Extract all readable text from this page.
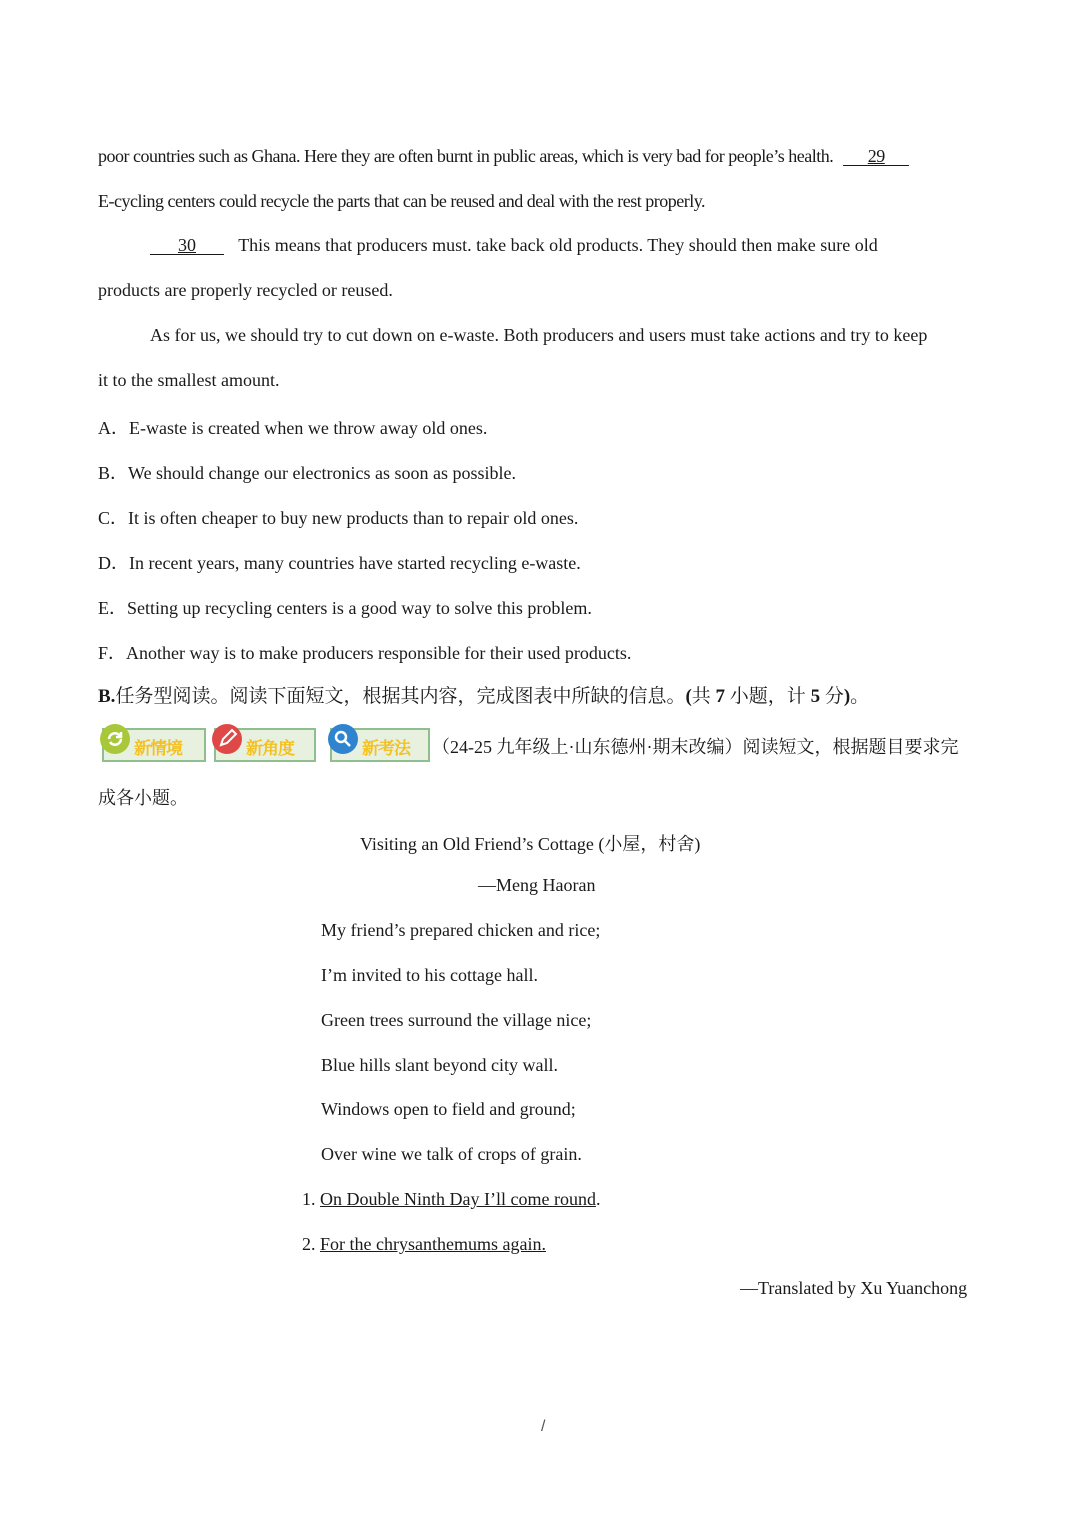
poor countries such as Ghana. Here they are often burnt in public areas, which is very bad for people’s health. 29
E-cycling centers could recycle the parts that can be reused and deal with the rest properly.
30 This means that producers must. take back old products. They should then make sure old
products are properly recycled or reused.
As for us, we should try to cut down on e-waste. Both producers and users must take actions and try to keep
it to the smallest amount.
A．E-waste is created when we throw away old ones.
B．We should change our electronics as soon as possible.
C．It is often cheaper to buy new products than to repair old ones.
D．In recent years, many countries have started recycling e-waste.
E．Setting up recycling centers is a good way to solve this problem.
F．Another way is to make producers responsible for their used products.
B.任务型阅读。阅读下面短文，根据其内容，完成图表中所缺的信息。(共 7 小题，计 5 分)。
新情境	新角度	新考法 （24-25 九年级上·山东德州·期末改编）阅读短文，根据题目要求完
成各小题。
Visiting an Old Friend’s Cottage (小屋，村舍)
—Meng Haoran
My friend’s prepared chicken and rice;
I’m invited to his cottage hall.
Green trees surround the village nice;
Blue hills slant beyond city wall.
Windows open to field and ground;
Over wine we talk of crops of grain.
1. On Double Ninth Day I’ll come round.
2. For the chrysanthemums again.
—Translated by Xu Yuanchong
/
